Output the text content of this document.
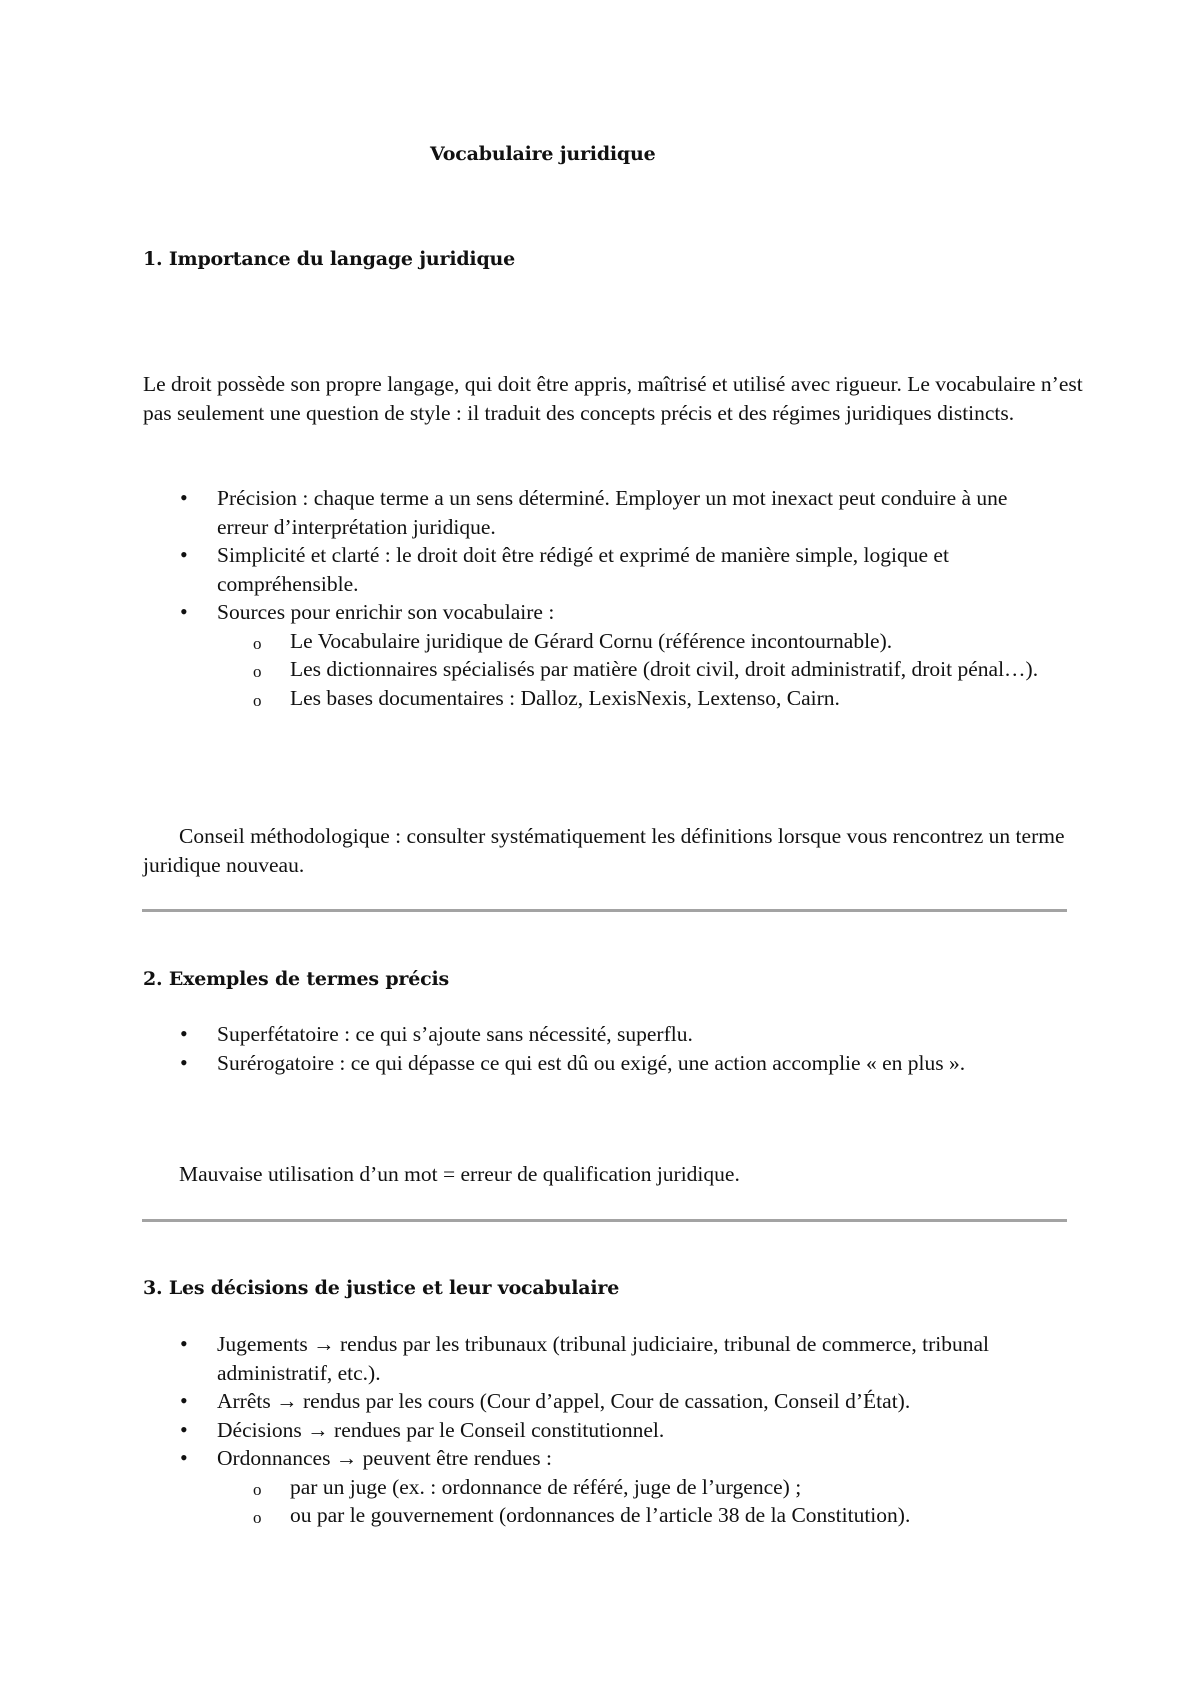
Vocabulaire juridique
1. Importance du langage juridique

Le droit possède son propre langage, qui doit être appris, maîtrisé et utilisé avec rigueur. Le vocabulaire n’est pas seulement une question de style : il traduit des concepts précis et des régimes juridiques distincts.

• Précision : chaque terme a un sens déterminé. Employer un mot inexact peut conduire à une erreur d’interprétation juridique.
• Simplicité et clarté : le droit doit être rédigé et exprimé de manière simple, logique et compréhensible.
• Sources pour enrichir son vocabulaire :
o Le Vocabulaire juridique de Gérard Cornu (référence incontournable).
o Les dictionnaires spécialisés par matière (droit civil, droit administratif, droit pénal…).
o Les bases documentaires : Dalloz, LexisNexis, Lextenso, Cairn.

Conseil méthodologique : consulter systématiquement les définitions lorsque vous rencontrez un terme juridique nouveau.

2. Exemples de termes précis
• Superfétatoire : ce qui s’ajoute sans nécessité, superflu.
• Surérogatoire : ce qui dépasse ce qui est dû ou exigé, une action accomplie « en plus ».

Mauvaise utilisation d’un mot = erreur de qualification juridique.

3. Les décisions de justice et leur vocabulaire
• Jugements → rendus par les tribunaux (tribunal judiciaire, tribunal de commerce, tribunal administratif, etc.).
• Arrêts → rendus par les cours (Cour d’appel, Cour de cassation, Conseil d’État).
• Décisions → rendues par le Conseil constitutionnel.
• Ordonnances → peuvent être rendues :
o par un juge (ex. : ordonnance de référé, juge de l’urgence) ;
o ou par le gouvernement (ordonnances de l’article 38 de la Constitution).
